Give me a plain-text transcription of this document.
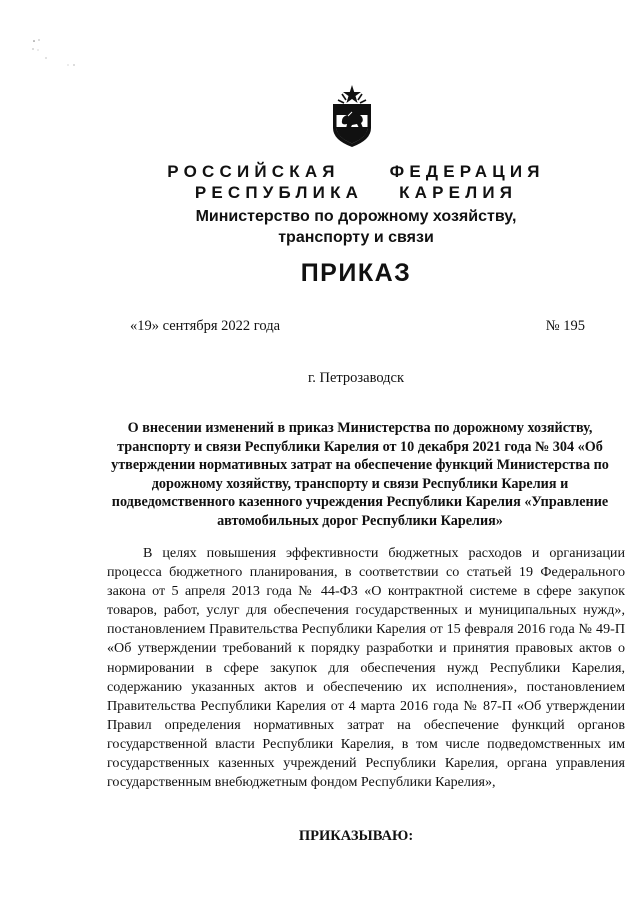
РОССИЙСКАЯ ФЕДЕРАЦИЯ
РЕСПУБЛИКА КАРЕЛИЯ
Министерство по дорожному хозяйству,
транспорту и связи
ПРИКАЗ
«19» сентября 2022 года	№ 195
г. Петрозаводск
О внесении изменений в приказ Министерства по дорожному хозяйству, транспорту и связи Республики Карелия от 10 декабря 2021 года № 304 «Об утверждении нормативных затрат на обеспечение функций Министерства по дорожному хозяйству, транспорту и связи Республики Карелия и подведомственного казенного учреждения Республики Карелия «Управление автомобильных дорог Республики Карелия»

В целях повышения эффективности бюджетных расходов и организации процесса бюджетного планирования, в соответствии со статьей 19 Федерального закона от 5 апреля 2013 года № 44-ФЗ «О контрактной системе в сфере закупок товаров, работ, услуг для обеспечения государственных и муниципальных нужд», постановлением Правительства Республики Карелия от 15 февраля 2016 года № 49-П «Об утверждении требований к порядку разработки и принятия правовых актов о нормировании в сфере закупок для обеспечения нужд Республики Карелия, содержанию указанных актов и обеспечению их исполнения», постановлением Правительства Республики Карелия от 4 марта 2016 года № 87-П «Об утверждении Правил определения нормативных затрат на обеспечение функций органов государственной власти Республики Карелия, в том числе подведомственных им государственных казенных учреждений Республики Карелия, органа управления государственным внебюджетным фондом Республики Карелия»,

ПРИКАЗЫВАЮ:
